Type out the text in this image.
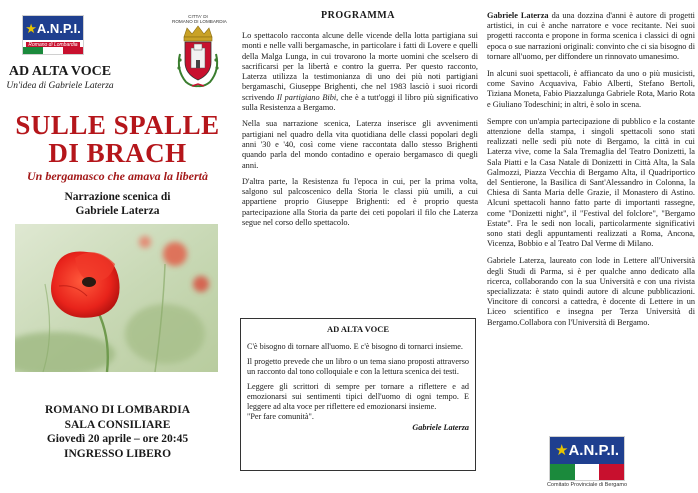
★A.N.P.I.
Romano di Lombardia
CITTA' DI
ROMANO DI LOMBARDIA
AD ALTA VOCE
Un'idea di Gabriele Laterza
SULLE SPALLE
DI BRACH
Un bergamasco che amava la libertà
Narrazione scenica di
Gabriele Laterza
ROMANO DI LOMBARDIA
SALA CONSILIARE
Giovedì 20 aprile – ore 20:45
INGRESSO LIBERO
PROGRAMMA

Lo spettacolo racconta alcune delle vicende della lotta partigiana sui monti e nelle valli bergamasche, in particolare i fatti di Lovere e quelli della Malga Lunga, in cui trovarono la morte uomini che scelsero di sacrificarsi per la libertà e contro la guerra. Per questo racconto, Laterza utilizza la testimonianza di uno dei più noti partigiani bergamaschi, Giuseppe Brighenti, che nel 1983 lasciò i suoi ricordi scrivendo Il partigiano Bibi, che è a tutt'oggi il libro più significativo sulla Resistenza a Bergamo.

Nella sua narrazione scenica, Laterza inserisce gli avvenimenti partigiani nel quadro della vita quotidiana delle classi popolari degli anni '30 e '40, così come viene raccontata dallo stesso Brighenti quando parla del mondo contadino e operaio bergamasco di quegli anni.

D'altra parte, la Resistenza fu l'epoca in cui, per la prima volta, salgono sul palcoscenico della Storia le classi più umili, a cui appartiene proprio Giuseppe Brighenti: ed è proprio questa partecipazione alla Storia da parte dei ceti popolari il filo che Laterza segue nel corso dello spettacolo.

AD ALTA VOCE

C'è bisogno di tornare all'uomo. E c'è bisogno di tornarci insieme.

Il progetto prevede che un libro o un tema siano proposti attraverso un racconto dal tono colloquiale e con la lettura scenica dei testi.

Leggere gli scrittori di sempre per tornare a riflettere e ad emozionarsi sui sentimenti tipici dell'uomo di ogni tempo. E leggere ad alta voce per riflettere ed emozionarsi insieme.

"Per fare comunità".

Gabriele Laterza

Gabriele Laterza da una dozzina d'anni è autore di progetti artistici, in cui è anche narratore e voce recitante. Nei suoi progetti racconta e propone in forma scenica i classici di ogni epoca o sue narrazioni originali: convinto che ci sia bisogno di tornare all'uomo, per diffondere un rinnovato umanesimo.

In alcuni suoi spettacoli, è affiancato da uno o più musicisti, come Savino Acquaviva, Fabio Alberti, Stefano Bertoli, Tiziana Moneta, Fabio Piazzalunga Gabriele Rota, Mario Rota e Giuliano Todeschini; in altri, è solo in scena.

Sempre con un'ampia partecipazione di pubblico e la costante attenzione della stampa, i singoli spettacoli sono stati realizzati nelle sedi più note di Bergamo, la città in cui Laterza vive, come la Sala Tremaglia del Teatro Donizetti, la Sala Piatti e la Casa Natale di Donizetti in Città Alta, la Sala Galmozzi, Piazza Vecchia di Bergamo Alta, il Quadriportico del Sentierone, la Basilica di Sant'Alessandro in Colonna, la Chiesa di Santa Maria delle Grazie, il Monastero di Astino. Alcuni spettacoli hanno fatto parte di importanti rassegne, come "Donizetti night", il "Festival del folclore", "Bergamo Estate". Fra le sedi non locali, particolarmente significativi sono stati degli appuntamenti realizzati a Roma, Ancona, Vicenza, Bobbio e al Teatro Dal Verme di Milano.

Gabriele Laterza, laureato con lode in Lettere all'Università degli Studi di Parma, si è per qualche anno dedicato alla ricerca, collaborando con la sua Università e con una rivista specializzata: è stato quindi autore di alcune pubblicazioni. Vincitore di concorsi a cattedra, è docente di Lettere in un Liceo scientifico e insegna per Terza Università di Bergamo.Collabora con l'Università di Bergamo.

★A.N.P.I.
Comitato Provinciale di Bergamo
